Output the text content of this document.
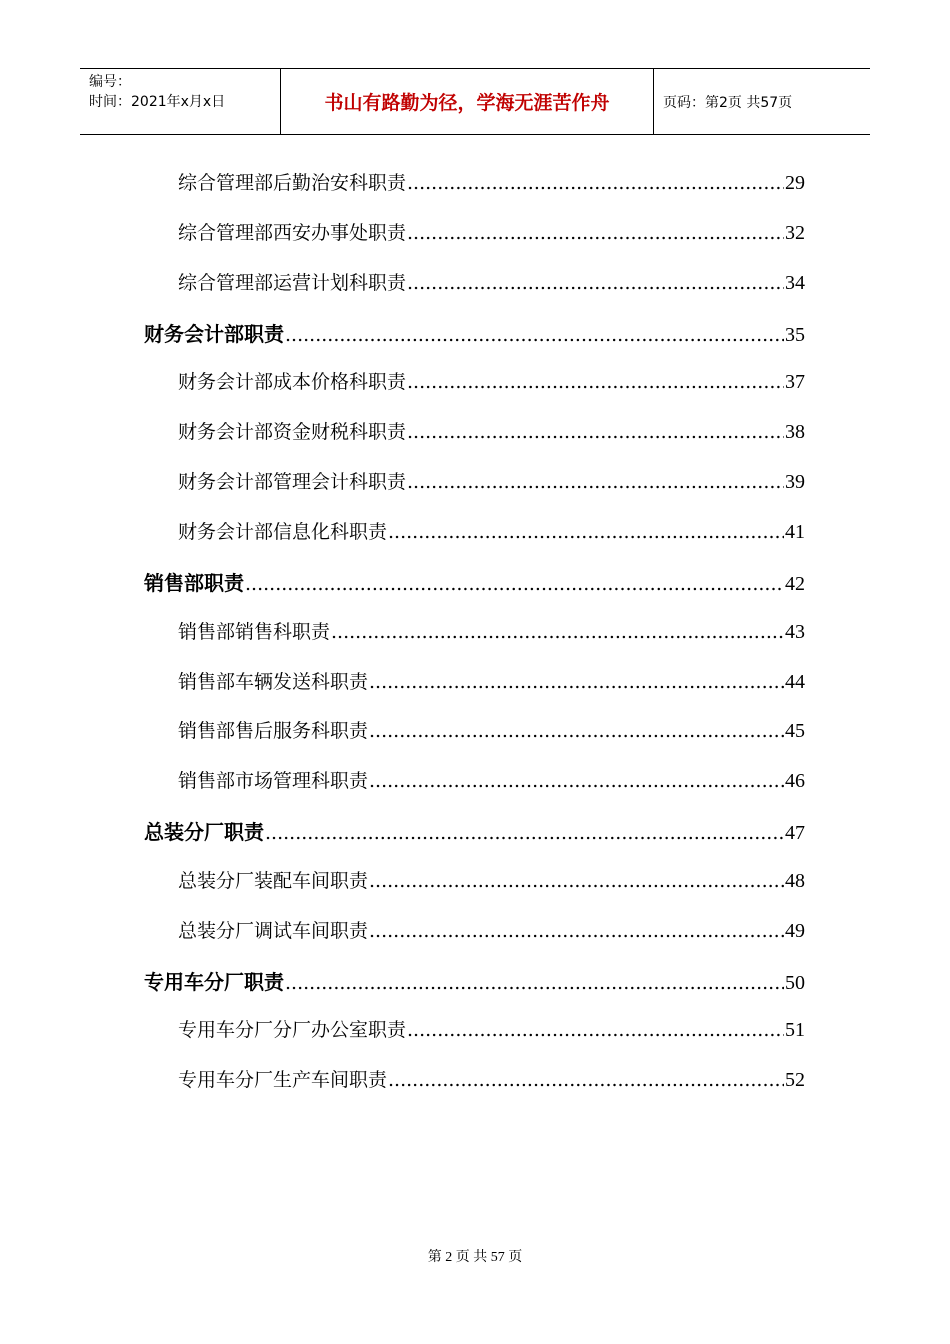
编号：
时间：2021年x月x日	书山有路勤为径，学海无涯苦作舟	页码：第2页 共57页
综合管理部后勤治安科职责 .....	29
综合管理部西安办事处职责 .....	32
综合管理部运营计划科职责 .....	34
财务会计部职责 .....	35
财务会计部成本价格科职责 .....	37
财务会计部资金财税科职责 .....	38
财务会计部管理会计科职责 .....	39
财务会计部信息化科职责 .....	41
销售部职责 .....	42
销售部销售科职责 .....	43
销售部车辆发送科职责 .....	44
销售部售后服务科职责 .....	45
销售部市场管理科职责 .....	46
总装分厂职责 .....	47
总装分厂装配车间职责 .....	48
总装分厂调试车间职责 .....	49
专用车分厂职责 .....	50
专用车分厂分厂办公室职责 .....	51
专用车分厂生产车间职责 .....	52
第 2 页 共 57 页
